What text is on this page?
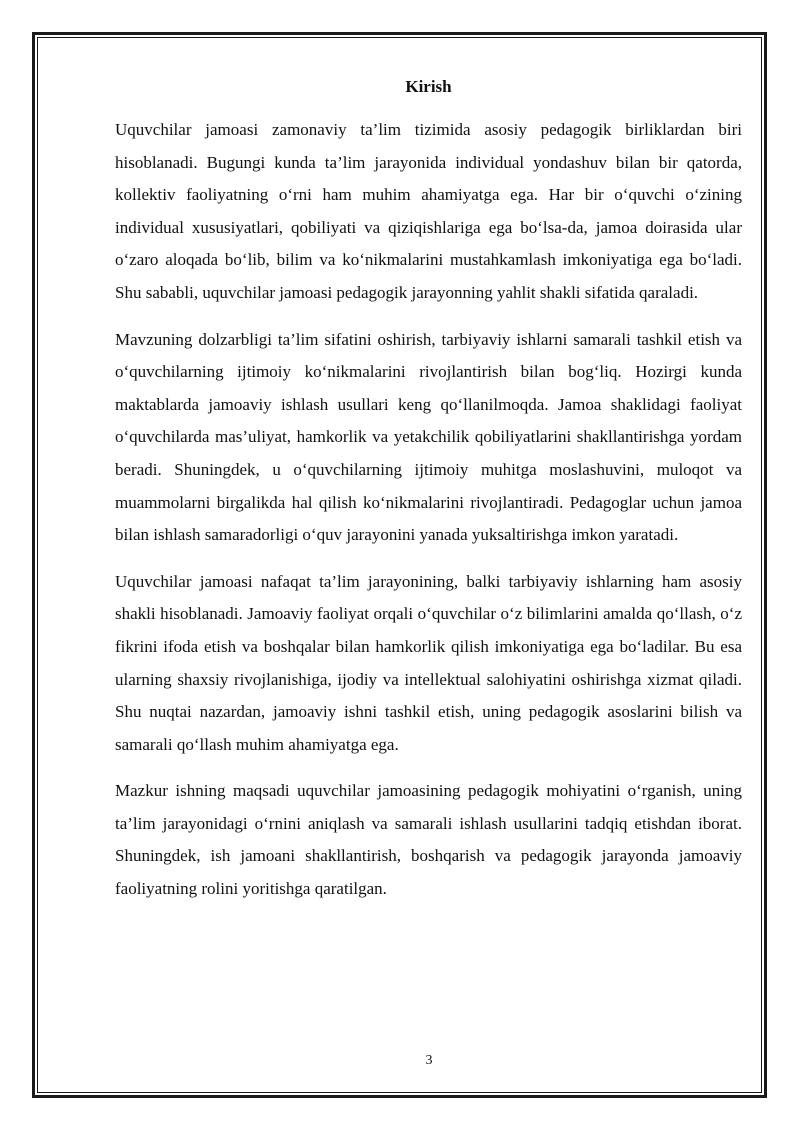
Kirish

Uquvchilar jamoasi zamonaviy ta’lim tizimida asosiy pedagogik birliklardan biri hisoblanadi. Bugungi kunda ta’lim jarayonida individual yondashuv bilan bir qatorda, kollektiv faoliyatning o‘rni ham muhim ahamiyatga ega. Har bir o‘quvchi o‘zining individual xususiyatlari, qobiliyati va qiziqishlariga ega bo‘lsa-da, jamoa doirasida ular o‘zaro aloqada bo‘lib, bilim va ko‘nikmalarini mustahkamlash imkoniyatiga ega bo‘ladi. Shu sababli, uquvchilar jamoasi pedagogik jarayonning yahlit shakli sifatida qaraladi.

Mavzuning dolzarbligi ta’lim sifatini oshirish, tarbiyaviy ishlarni samarali tashkil etish va o‘quvchilarning ijtimoiy ko‘nikmalarini rivojlantirish bilan bog‘liq. Hozirgi kunda maktablarda jamoaviy ishlash usullari keng qo‘llanilmoqda. Jamoa shaklidagi faoliyat o‘quvchilarda mas’uliyat, hamkorlik va yetakchilik qobiliyatlarini shakllantirishga yordam beradi. Shuningdek, u o‘quvchilarning ijtimoiy muhitga moslashuvini, muloqot va muammolarni birgalikda hal qilish ko‘nikmalarini rivojlantiradi. Pedagoglar uchun jamoa bilan ishlash samaradorligi o‘quv jarayonini yanada yuksaltirishga imkon yaratadi.

Uquvchilar jamoasi nafaqat ta’lim jarayonining, balki tarbiyaviy ishlarning ham asosiy shakli hisoblanadi. Jamoaviy faoliyat orqali o‘quvchilar o‘z bilimlarini amalda qo‘llash, o‘z fikrini ifoda etish va boshqalar bilan hamkorlik qilish imkoniyatiga ega bo‘ladilar. Bu esa ularning shaxsiy rivojlanishiga, ijodiy va intellektual salohiyatini oshirishga xizmat qiladi. Shu nuqtai nazardan, jamoaviy ishni tashkil etish, uning pedagogik asoslarini bilish va samarali qo‘llash muhim ahamiyatga ega.

Mazkur ishning maqsadi uquvchilar jamoasining pedagogik mohiyatini o‘rganish, uning ta’lim jarayonidagi o‘rnini aniqlash va samarali ishlash usullarini tadqiq etishdan iborat. Shuningdek, ish jamoani shakllantirish, boshqarish va pedagogik jarayonda jamoaviy faoliyatning rolini yoritishga qaratilgan.

3
